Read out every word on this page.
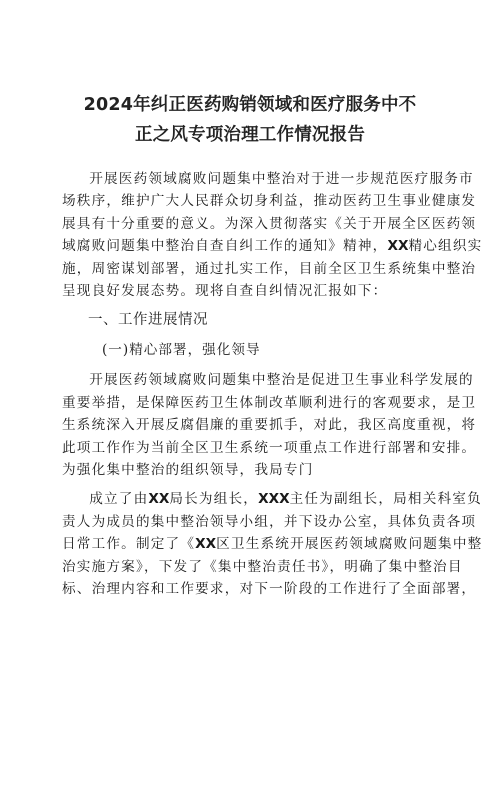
2024年纠正医药购销领域和医疗服务中不
正之风专项治理工作情况报告
开展医药领域腐败问题集中整治对于进一步规范医疗服务市
场秩序，维护广大人民群众切身利益，推动医药卫生事业健康发
展具有十分重要的意义。为深入贯彻落实《关于开展全区医药领
域腐败问题集中整治自查自纠工作的通知》精神，XX精心组织实
施，周密谋划部署，通过扎实工作，目前全区卫生系统集中整治
呈现良好发展态势。现将自查自纠情况汇报如下：
一、工作进展情况
(一)精心部署，强化领导
开展医药领域腐败问题集中整治是促进卫生事业科学发展的
重要举措，是保障医药卫生体制改革顺利进行的客观要求，是卫
生系统深入开展反腐倡廉的重要抓手，对此，我区高度重视，将
此项工作作为当前全区卫生系统一项重点工作进行部署和安排。
为强化集中整治的组织领导，我局专门
成立了由XX局长为组长，XXX主任为副组长，局相关科室负
责人为成员的集中整治领导小组，并下设办公室，具体负责各项
日常工作。制定了《XX区卫生系统开展医药领域腐败问题集中整
治实施方案》，下发了《集中整治责任书》，明确了集中整治目
标、治理内容和工作要求，对下一阶段的工作进行了全面部署，
